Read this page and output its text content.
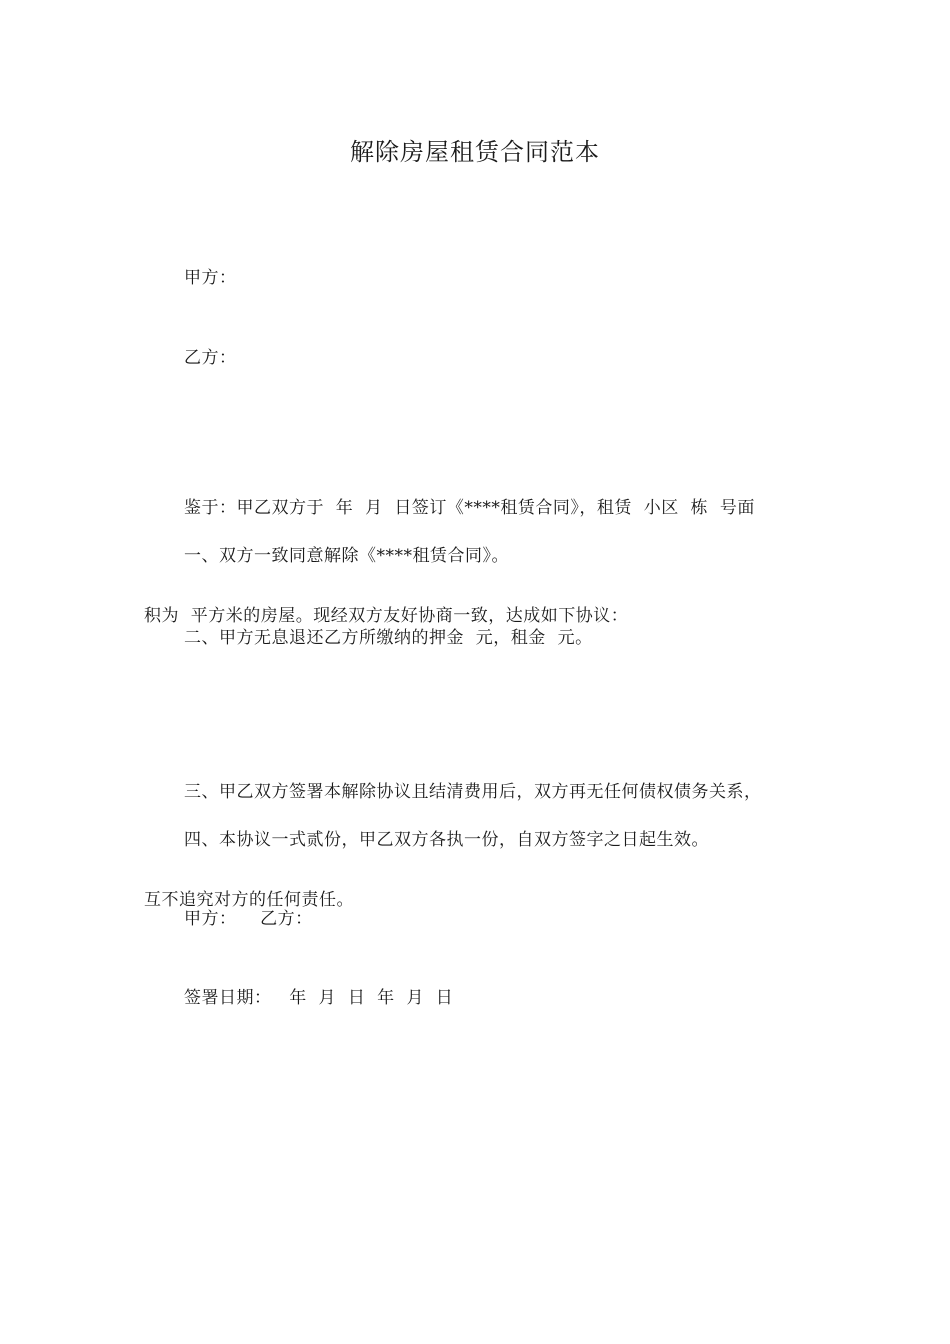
解除房屋租赁合同范本
甲方：
乙方：

鉴于：甲乙双方于  年  月  日签订《****租赁合同》，租赁  小区  栋  号面

积为  平方米的房屋。现经双方友好协商一致，达成如下协议：

一、双方一致同意解除《****租赁合同》。
二、甲方无息退还乙方所缴纳的押金  元，租金  元。

三、甲乙双方签署本解除协议且结清费用后，双方再无任何债权债务关系，

互不追究对方的任何责任。

四、本协议一式贰份，甲乙双方各执一份，自双方签字之日起生效。
甲方：    乙方：
签署日期：   年  月  日  年  月  日
